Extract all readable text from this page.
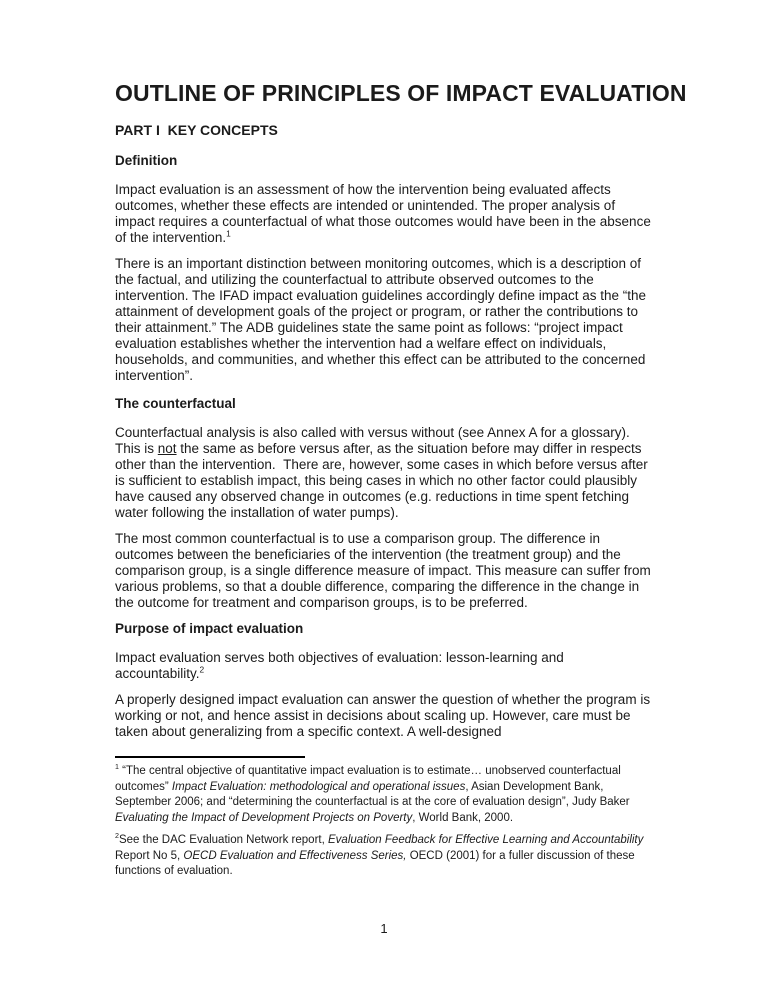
OUTLINE OF PRINCIPLES OF IMPACT EVALUATION
PART I  KEY CONCEPTS
Definition

Impact evaluation is an assessment of how the intervention being evaluated affects outcomes, whether these effects are intended or unintended. The proper analysis of impact requires a counterfactual of what those outcomes would have been in the absence of the intervention.$^1$

There is an important distinction between monitoring outcomes, which is a description of the factual, and utilizing the counterfactual to attribute observed outcomes to the intervention. The IFAD impact evaluation guidelines accordingly define impact as the “the attainment of development goals of the project or program, or rather the contributions to their attainment.” The ADB guidelines state the same point as follows: “project impact evaluation establishes whether the intervention had a welfare effect on individuals, households, and communities, and whether this effect can be attributed to the concerned intervention”.

The counterfactual

Counterfactual analysis is also called with versus without (see Annex A for a glossary). This is not the same as before versus after, as the situation before may differ in respects other than the intervention.  There are, however, some cases in which before versus after is sufficient to establish impact, this being cases in which no other factor could plausibly have caused any observed change in outcomes (e.g. reductions in time spent fetching water following the installation of water pumps).

The most common counterfactual is to use a comparison group. The difference in outcomes between the beneficiaries of the intervention (the treatment group) and the comparison group, is a single difference measure of impact. This measure can suffer from various problems, so that a double difference, comparing the difference in the change in the outcome for treatment and comparison groups, is to be preferred.

Purpose of impact evaluation

Impact evaluation serves both objectives of evaluation: lesson-learning and accountability.$^2$

A properly designed impact evaluation can answer the question of whether the program is working or not, and hence assist in decisions about scaling up. However, care must be taken about generalizing from a specific context. A well-designed

$^1$ “The central objective of quantitative impact evaluation is to estimate… unobserved counterfactual outcomes” Impact Evaluation: methodological and operational issues, Asian Development Bank, September 2006; and “determining the counterfactual is at the core of evaluation design”, Judy Baker Evaluating the Impact of Development Projects on Poverty, World Bank, 2000.

$^2$See the DAC Evaluation Network report, Evaluation Feedback for Effective Learning and Accountability Report No 5, OECD Evaluation and Effectiveness Series, OECD (2001) for a fuller discussion of these functions of evaluation.

1
